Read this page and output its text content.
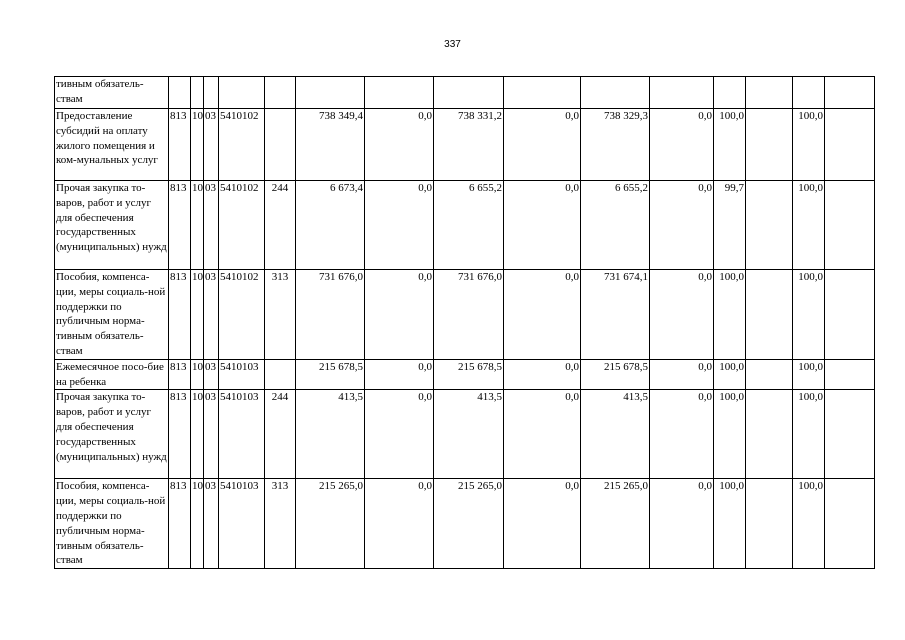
337
тивным обязатель- ствам															
Предоставление субсидий на оплату жилого помещения и ком-мунальных услуг	813	10	03	5410102		738 349,4	0,0	738 331,2	0,0	738 329,3	0,0	100,0		100,0	
Прочая закупка то-варов, работ и услуг для обеспечения государственных (муниципальных) нужд	813	10	03	5410102	244	6 673,4	0,0	6 655,2	0,0	6 655,2	0,0	99,7		100,0	
Пособия, компенса-ции, меры социаль-ной поддержки по публичным норма-тивным обязатель-ствам	813	10	03	5410102	313	731 676,0	0,0	731 676,0	0,0	731 674,1	0,0	100,0		100,0	
Ежемесячное посо-бие на ребенка	813	10	03	5410103		215 678,5	0,0	215 678,5	0,0	215 678,5	0,0	100,0		100,0	
Прочая закупка то-варов, работ и услуг для обеспечения государственных (муниципальных) нужд	813	10	03	5410103	244	413,5	0,0	413,5	0,0	413,5	0,0	100,0		100,0	
Пособия, компенса-ции, меры социаль-ной поддержки по публичным норма-тивным обязатель-ствам	813	10	03	5410103	313	215 265,0	0,0	215 265,0	0,0	215 265,0	0,0	100,0		100,0	
